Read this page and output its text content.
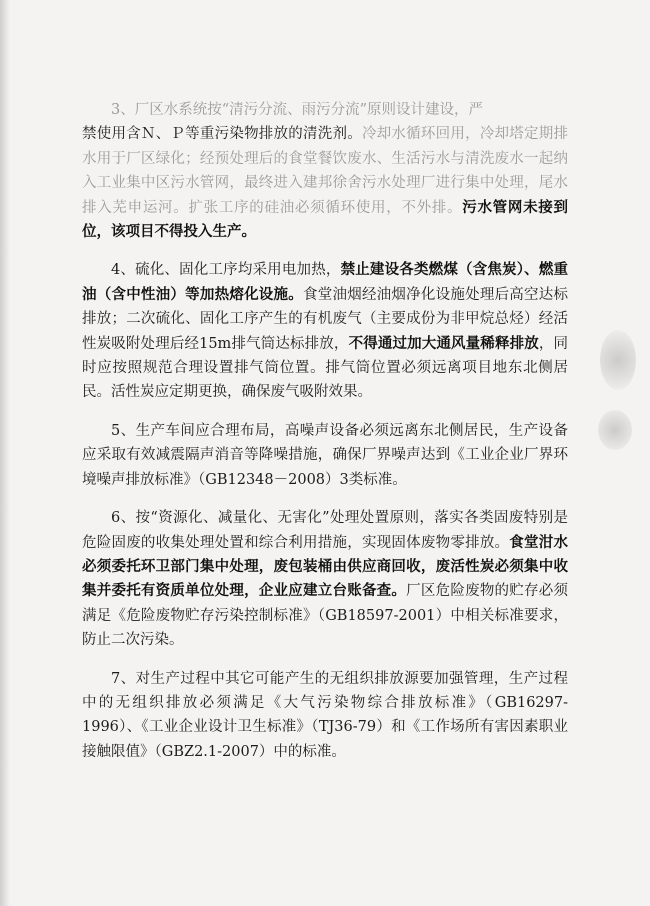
3、厂区水系统按“清污分流、雨污分流”原则设计建设，严

禁使用含Ｎ、Ｐ等重污染物排放的清洗剂。冷却水循环回用，冷却塔定期排水用于厂区绿化；经预处理后的食堂餐饮废水、生活污水与清洗废水一起纳入工业集中区污水管网，最终进入建邦徐舍污水处理厂进行集中处理，尾水排入芜申运河。扩张工序的硅油必须循环使用，不外排。污水管网未接到位，该项目不得投入生产。

4、硫化、固化工序均采用电加热，禁止建设各类燃煤（含焦炭）、燃重油（含中性油）等加热熔化设施。食堂油烟经油烟净化设施处理后高空达标排放；二次硫化、固化工序产生的有机废气（主要成份为非甲烷总烃）经活性炭吸附处理后经15m排气筒达标排放，不得通过加大通风量稀释排放，同时应按照规范合理设置排气筒位置。排气筒位置必须远离项目地东北侧居民。活性炭应定期更换，确保废气吸附效果。

5、生产车间应合理布局，高噪声设备必须远离东北侧居民，生产设备应采取有效减震隔声消音等降噪措施，确保厂界噪声达到《工业企业厂界环境噪声排放标准》（GB12348－2008）3类标准。

6、按“资源化、减量化、无害化”处理处置原则，落实各类固废特别是危险固废的收集处理处置和综合利用措施，实现固体废物零排放。食堂泔水必须委托环卫部门集中处理，废包装桶由供应商回收，废活性炭必须集中收集并委托有资质单位处理，企业应建立台账备查。厂区危险废物的贮存必须满足《危险废物贮存污染控制标准》（GB18597-2001）中相关标准要求，防止二次污染。

7、对生产过程中其它可能产生的无组织排放源要加强管理，生产过程中的无组织排放必须满足《大气污染物综合排放标准》（GB16297-1996）、《工业企业设计卫生标准》（TJ36-79）和《工作场所有害因素职业接触限值》（GBZ2.1-2007）中的标准。
